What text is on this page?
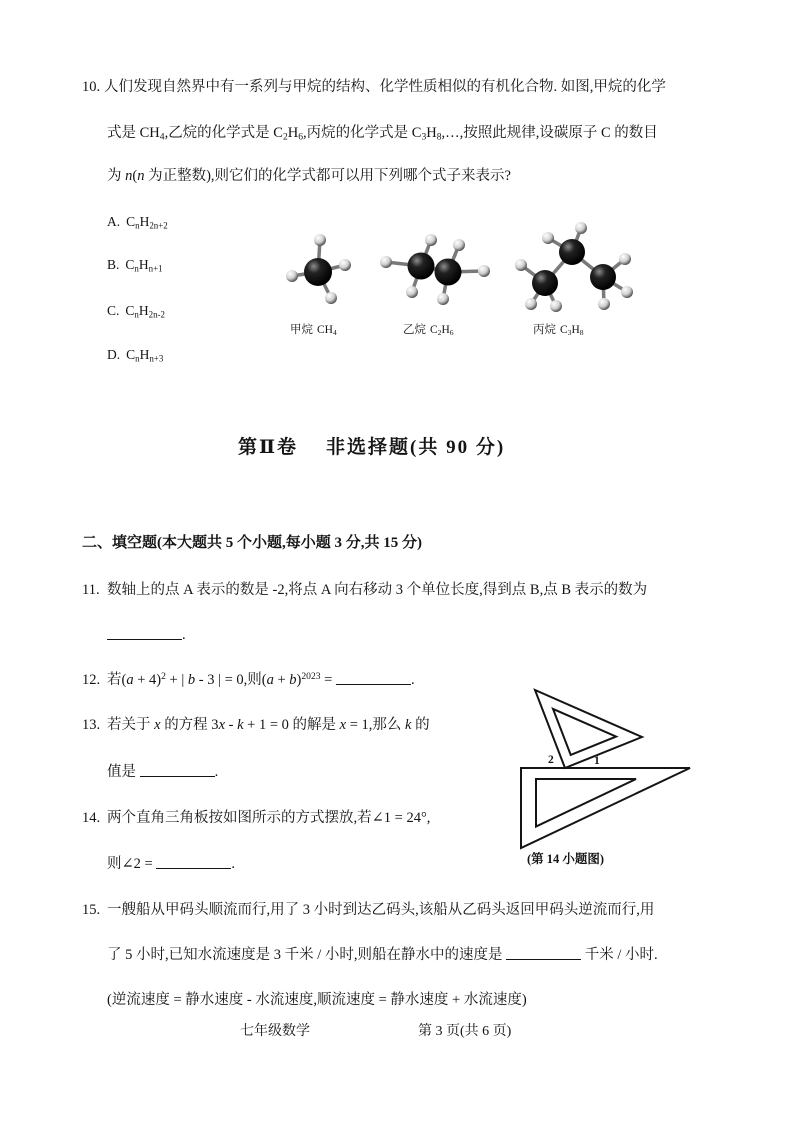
10. 人们发现自然界中有一系列与甲烷的结构、化学性质相似的有机化合物. 如图,甲烷的化学
式是 $CH_4$,乙烷的化学式是 $C_2H_6$,丙烷的化学式是 $C_3H_8,\dots$,按照此规律,设碳原子 C 的数目
为 n(n 为正整数),则它们的化学式都可以用下列哪个式子来表示?
A. $C_nH_{2n+2}$
B. $C_nH_{n+1}$
C. $C_nH_{2n-2}$
D. $C_nH_{n+3}$
甲烷 $CH_4$	乙烷 $C_2H_6$	丙烷 $C_3H_8$
第Ⅱ卷 非选择题(共 90 分)
二、填空题(本大题共 5 个小题,每小题 3 分,共 15 分)
11. 数轴上的点 A 表示的数是 -2,将点 A 向右移动 3 个单位长度,得到点 B,点 B 表示的数为
.
12. 若$(a + 4)^2$ + | b - 3 | = 0,则$(a + b)^{2023}$ =	.
13. 若关于 x 的方程 3x - k + 1 = 0 的解是 x = 1,那么 k 的
值是	.
14. 两个直角三角板按如图所示的方式摆放,若∠1 = 24°,
则∠2 =	.
2	1
(第 14 小题图)
15. 一艘船从甲码头顺流而行,用了 3 小时到达乙码头,该船从乙码头返回甲码头逆流而行,用
了 5 小时,已知水流速度是 3 千米 / 小时,则船在静水中的速度是	千米 / 小时.
(逆流速度 = 静水速度 - 水流速度,顺流速度 = 静水速度 + 水流速度)
七年级数学	第 3 页(共 6 页)
